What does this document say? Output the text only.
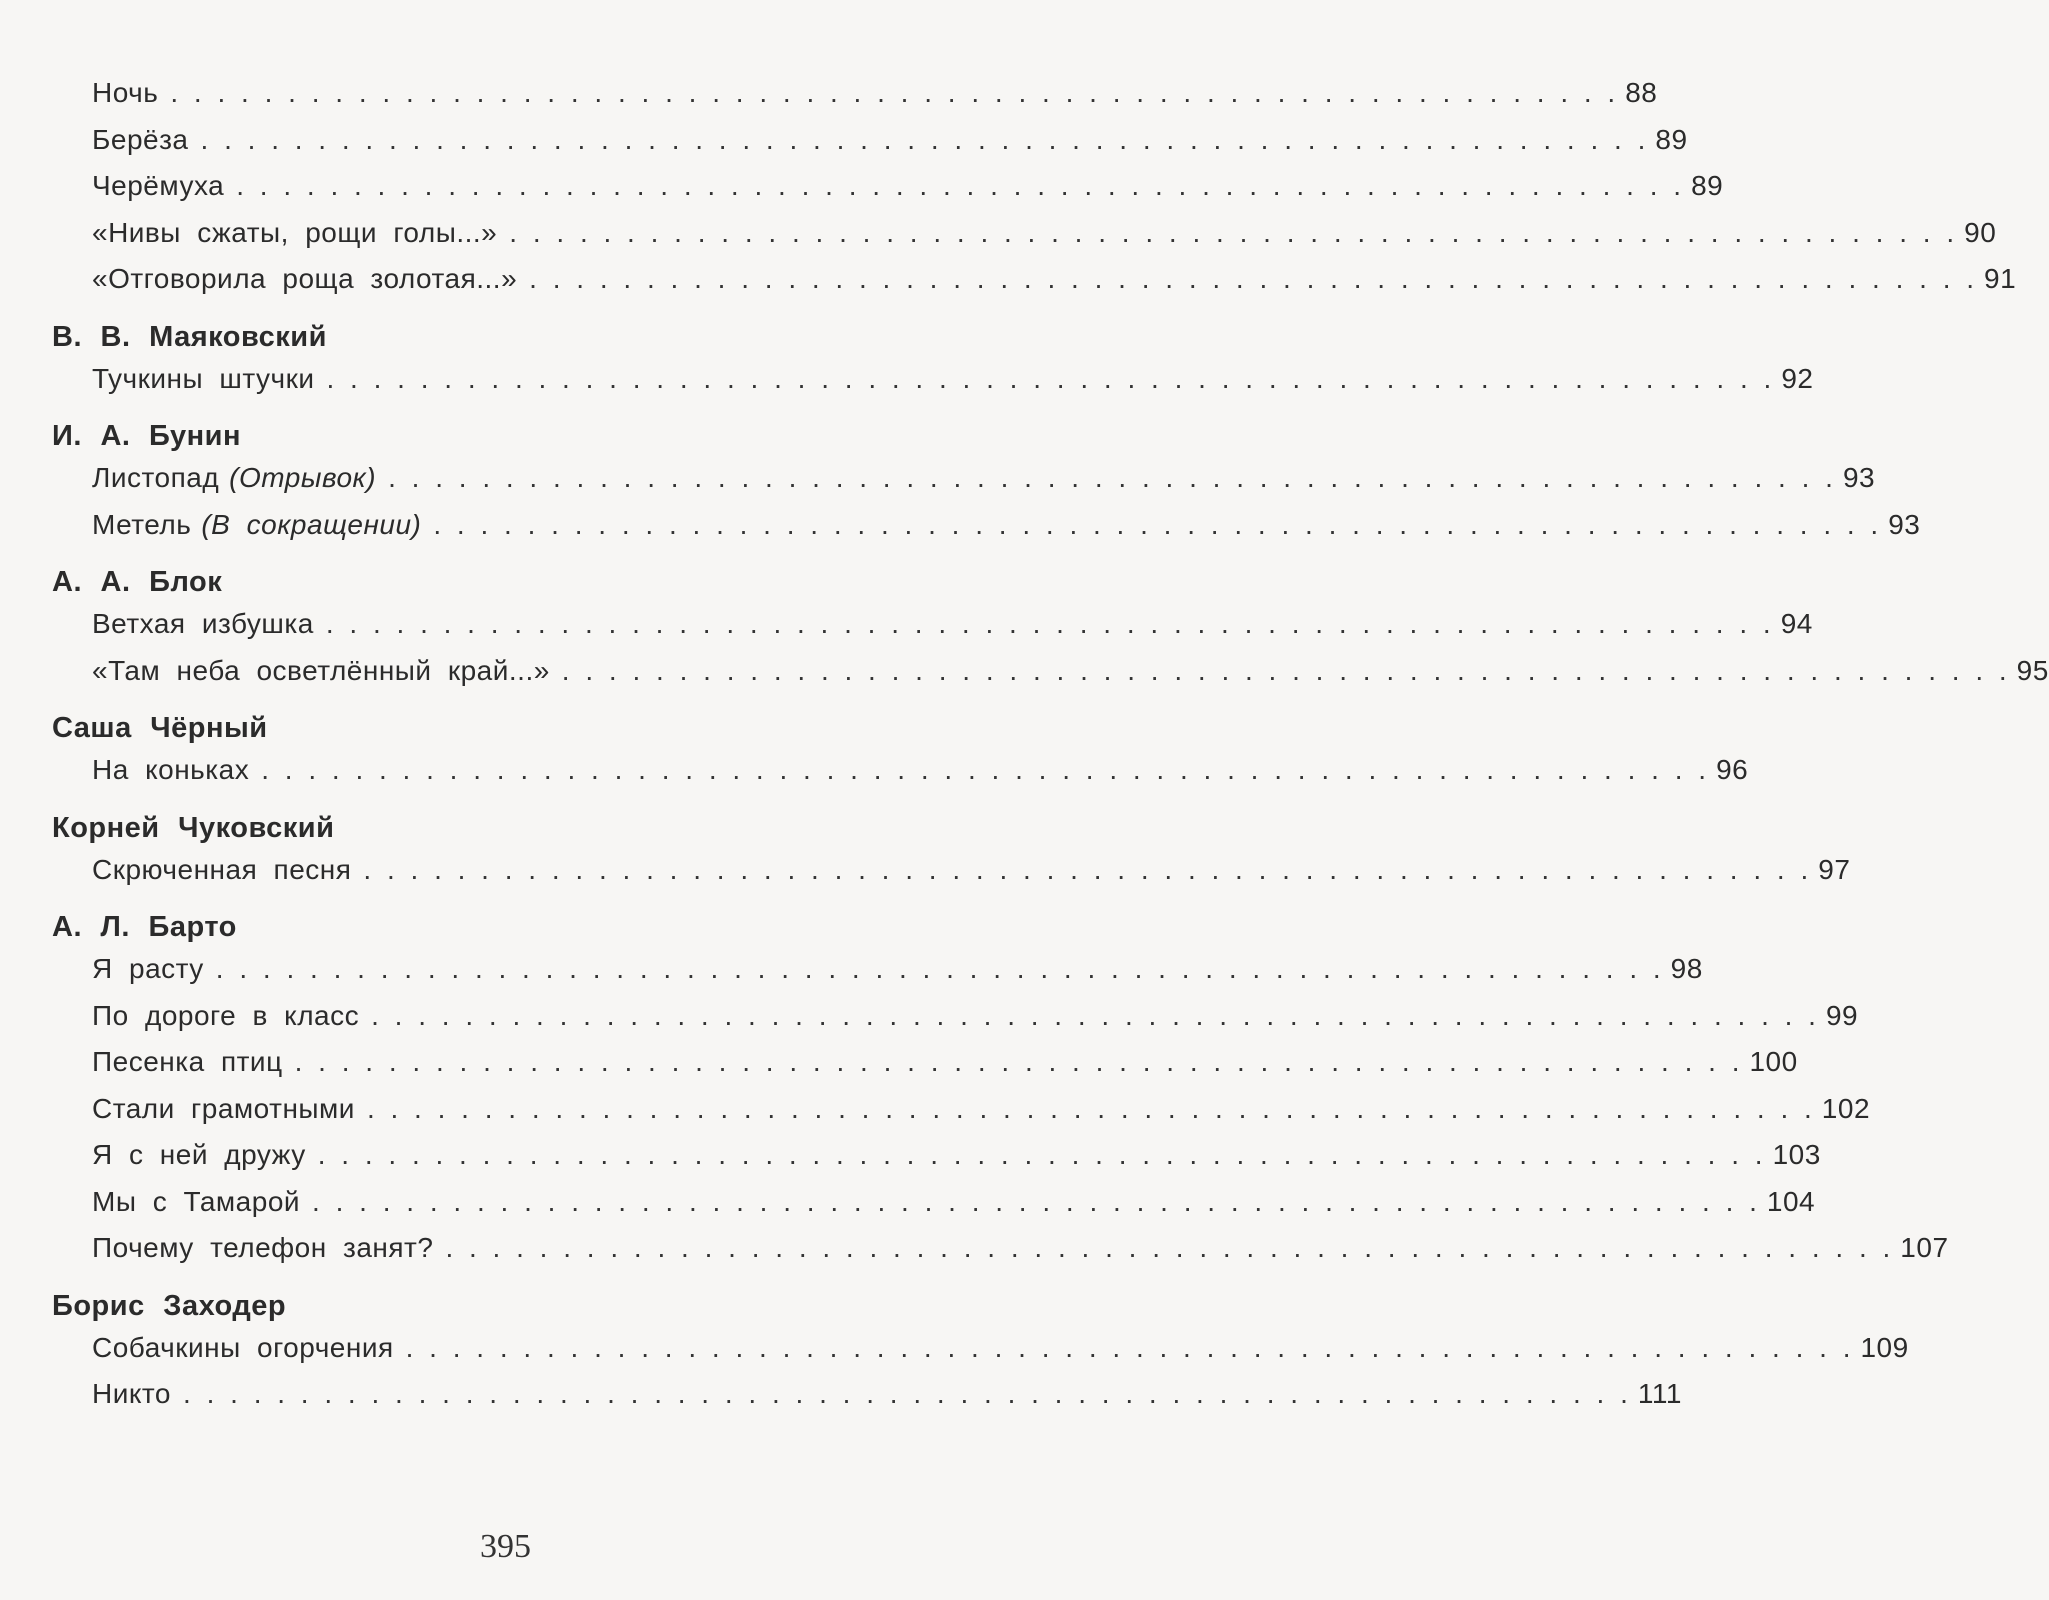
Ночь . . . . . . . . . . . . . . . . . . . . . . . . . . . . . . . . . . . . . . . . . . . . . . . . . . . . . . . . . . . . . . 88
Берёза . . . . . . . . . . . . . . . . . . . . . . . . . . . . . . . . . . . . . . . . . . . . . . . . . . . . . . . . . . . . . . 89
Черёмуха . . . . . . . . . . . . . . . . . . . . . . . . . . . . . . . . . . . . . . . . . . . . . . . . . . . . . . . . . . . . . . 89
«Нивы сжаты, рощи голы...» . . . . . . . . . . . . . . . . . . . . . . . . . . . . . . . . . . . . . . . . . . . . . . . . . . . . . . . . . . . . . . 90
«Отговорила роща золотая...» . . . . . . . . . . . . . . . . . . . . . . . . . . . . . . . . . . . . . . . . . . . . . . . . . . . . . . . . . . . . . . 91
В. В. Маяковский
Тучкины штучки . . . . . . . . . . . . . . . . . . . . . . . . . . . . . . . . . . . . . . . . . . . . . . . . . . . . . . . . . . . . . . 92
И. А. Бунин
Листопад (Отрывок) . . . . . . . . . . . . . . . . . . . . . . . . . . . . . . . . . . . . . . . . . . . . . . . . . . . . . . . . . . . . . . 93
Метель (В сокращении) . . . . . . . . . . . . . . . . . . . . . . . . . . . . . . . . . . . . . . . . . . . . . . . . . . . . . . . . . . . . . . 93
А. А. Блок
Ветхая избушка . . . . . . . . . . . . . . . . . . . . . . . . . . . . . . . . . . . . . . . . . . . . . . . . . . . . . . . . . . . . . . 94
«Там неба осветлённый край...» . . . . . . . . . . . . . . . . . . . . . . . . . . . . . . . . . . . . . . . . . . . . . . . . . . . . . . . . . . . . . . 95
Саша Чёрный
На коньках . . . . . . . . . . . . . . . . . . . . . . . . . . . . . . . . . . . . . . . . . . . . . . . . . . . . . . . . . . . . . . 96
Корней Чуковский
Скрюченная песня . . . . . . . . . . . . . . . . . . . . . . . . . . . . . . . . . . . . . . . . . . . . . . . . . . . . . . . . . . . . . . 97
А. Л. Барто
Я расту . . . . . . . . . . . . . . . . . . . . . . . . . . . . . . . . . . . . . . . . . . . . . . . . . . . . . . . . . . . . . . 98
По дороге в класс . . . . . . . . . . . . . . . . . . . . . . . . . . . . . . . . . . . . . . . . . . . . . . . . . . . . . . . . . . . . . . 99
Песенка птиц . . . . . . . . . . . . . . . . . . . . . . . . . . . . . . . . . . . . . . . . . . . . . . . . . . . . . . . . . . . . . . 100
Стали грамотными . . . . . . . . . . . . . . . . . . . . . . . . . . . . . . . . . . . . . . . . . . . . . . . . . . . . . . . . . . . . . . 102
Я с ней дружу . . . . . . . . . . . . . . . . . . . . . . . . . . . . . . . . . . . . . . . . . . . . . . . . . . . . . . . . . . . . . . 103
Мы с Тамарой . . . . . . . . . . . . . . . . . . . . . . . . . . . . . . . . . . . . . . . . . . . . . . . . . . . . . . . . . . . . . . 104
Почему телефон занят? . . . . . . . . . . . . . . . . . . . . . . . . . . . . . . . . . . . . . . . . . . . . . . . . . . . . . . . . . . . . . . 107
Борис Заходер
Собачкины огорчения . . . . . . . . . . . . . . . . . . . . . . . . . . . . . . . . . . . . . . . . . . . . . . . . . . . . . . . . . . . . . . 109
Никто . . . . . . . . . . . . . . . . . . . . . . . . . . . . . . . . . . . . . . . . . . . . . . . . . . . . . . . . . . . . . . 111
395
